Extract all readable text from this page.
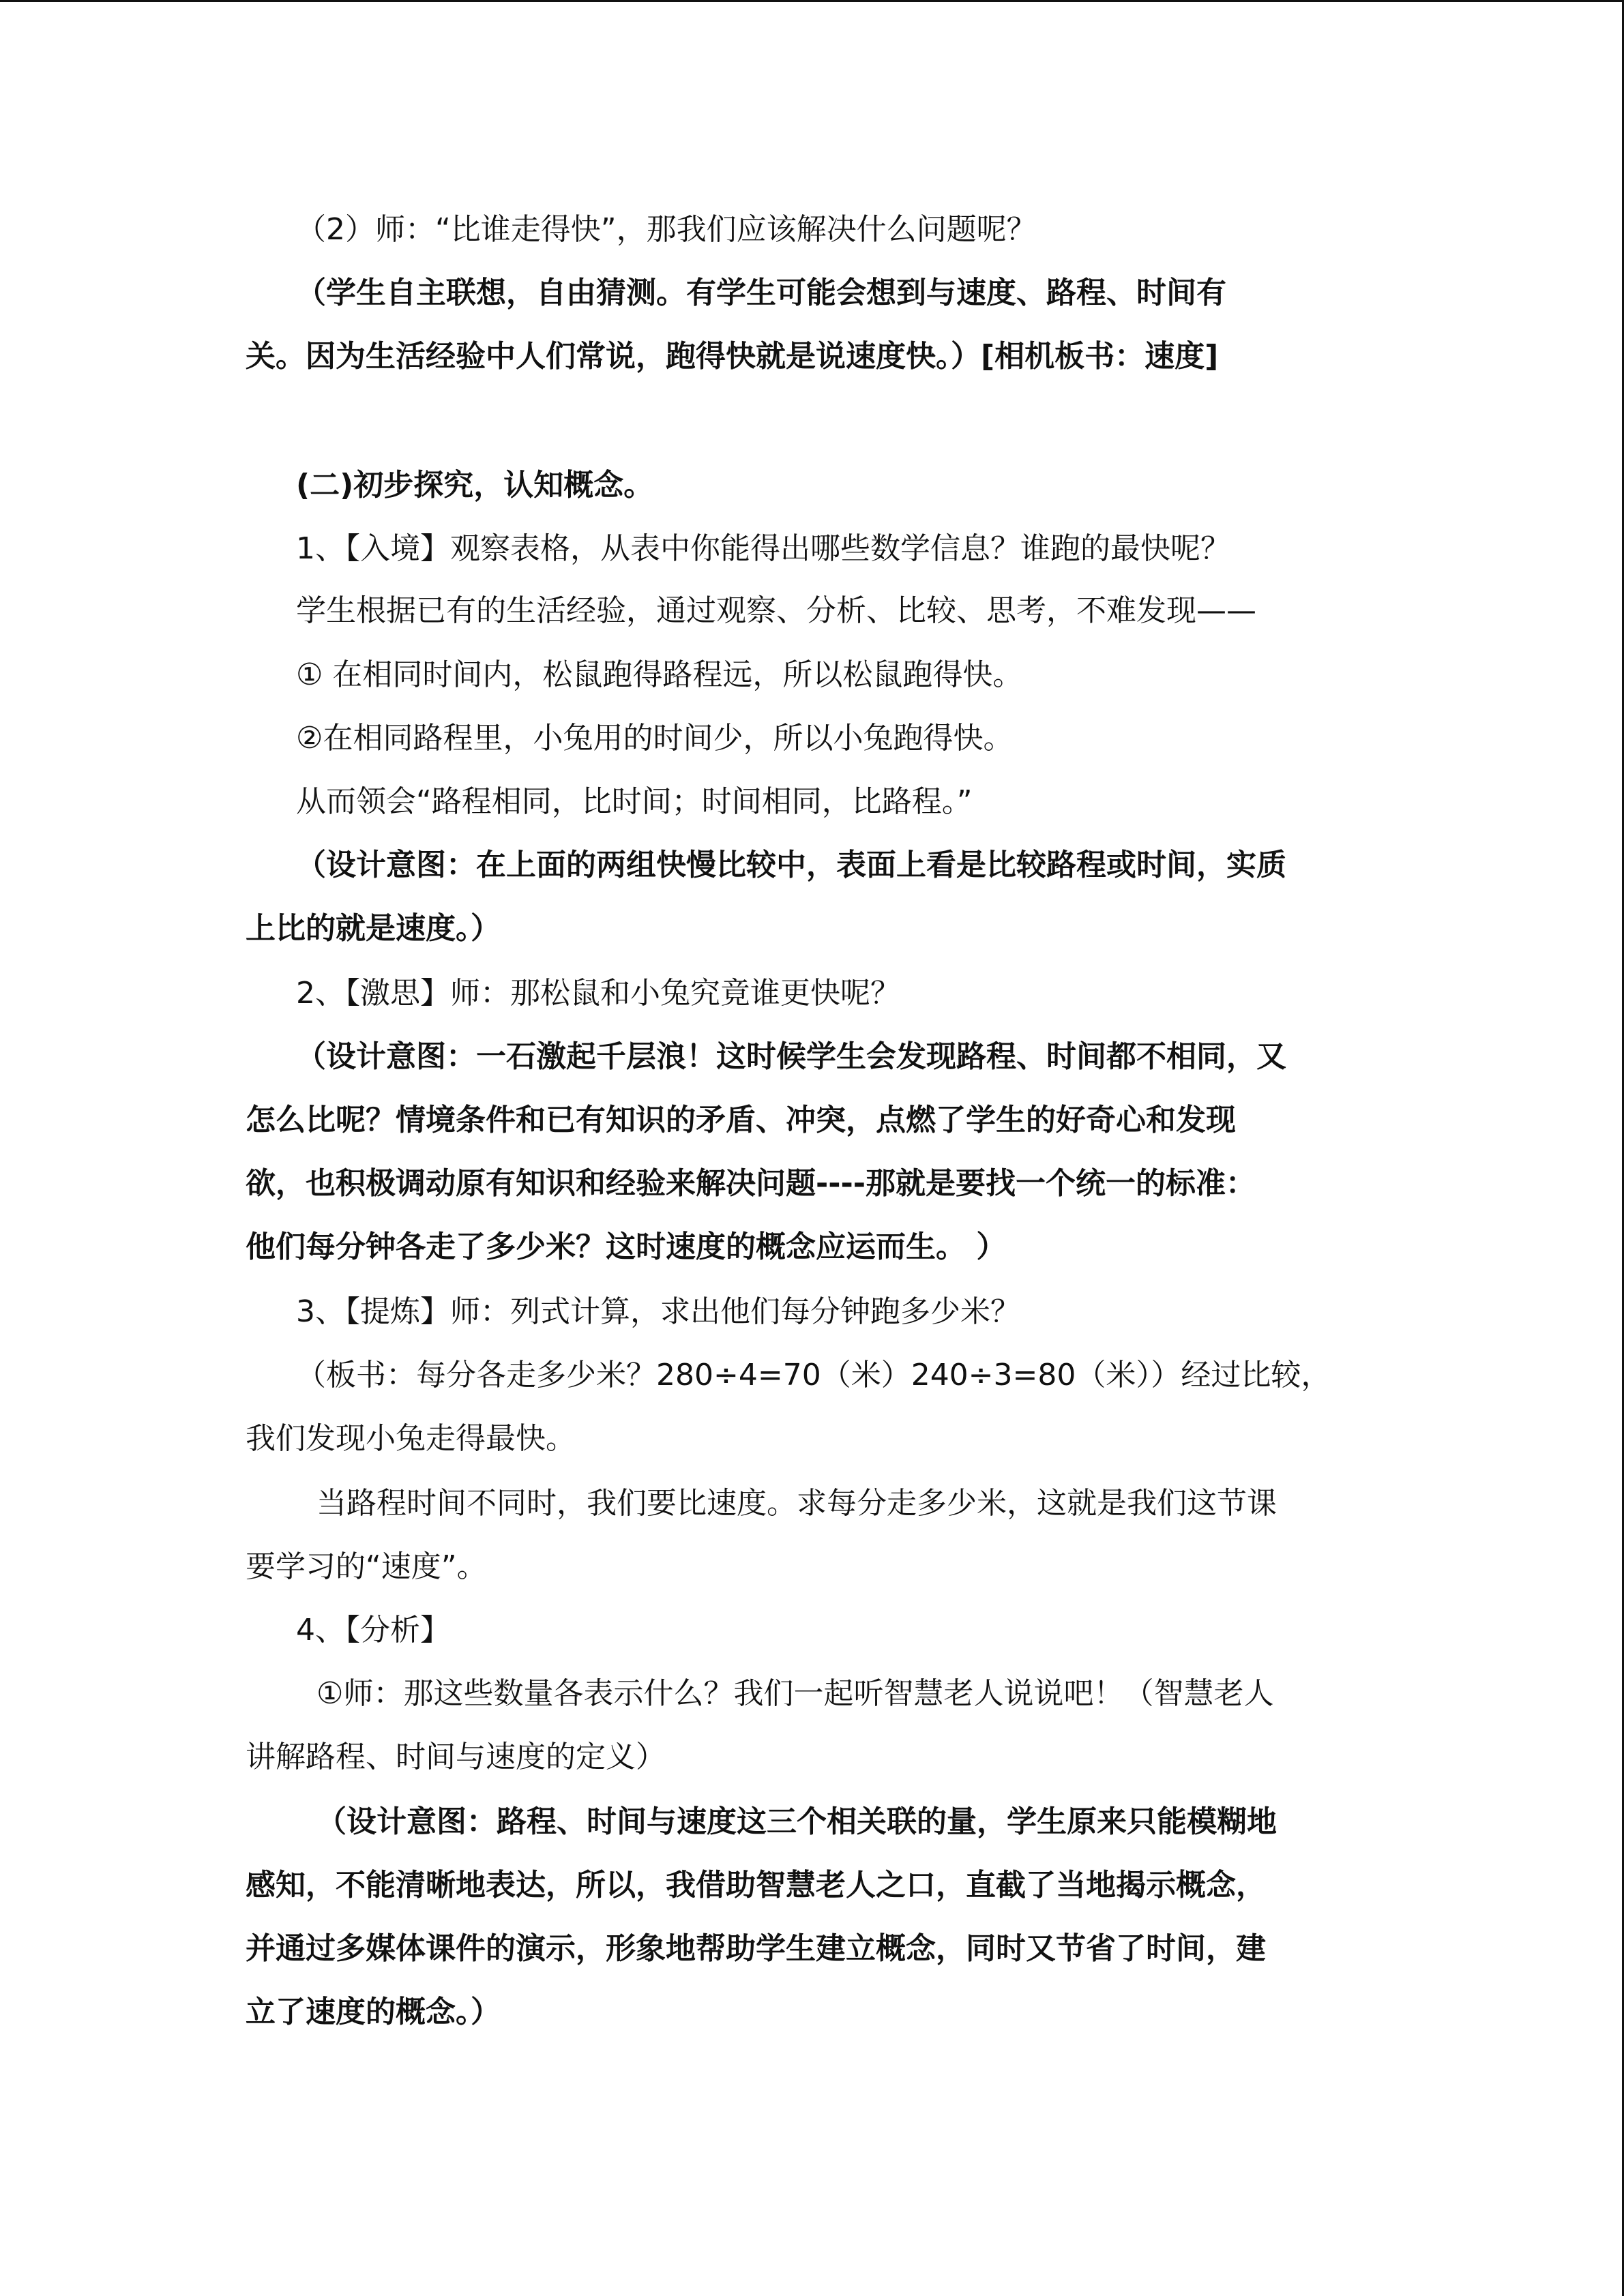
（2）师：“比谁走得快”，那我们应该解决什么问题呢？
（学生自主联想，自由猜测。有学生可能会想到与速度、路程、时间有
关。因为生活经验中人们常说，跑得快就是说速度快。）[相机板书：速度]
(二)初步探究，认知概念。
1、【入境】观察表格，从表中你能得出哪些数学信息？谁跑的最快呢？
学生根据已有的生活经验，通过观察、分析、比较、思考，不难发现——
① 在相同时间内，松鼠跑得路程远，所以松鼠跑得快。
②在相同路程里，小兔用的时间少，所以小兔跑得快。
从而领会“路程相同，比时间；时间相同，比路程。”
（设计意图：在上面的两组快慢比较中，表面上看是比较路程或时间，实质
上比的就是速度。）
2、【激思】师：那松鼠和小兔究竟谁更快呢？
（设计意图：一石激起千层浪！这时候学生会发现路程、时间都不相同，又
怎么比呢？情境条件和已有知识的矛盾、冲突，点燃了学生的好奇心和发现
欲，也积极调动原有知识和经验来解决问题----那就是要找一个统一的标准：
他们每分钟各走了多少米？这时速度的概念应运而生。 ）
3、【提炼】师：列式计算，求出他们每分钟跑多少米？
（板书：每分各走多少米？280÷4=70（米）240÷3=80（米））经过比较，
我们发现小兔走得最快。
当路程时间不同时，我们要比速度。求每分走多少米，这就是我们这节课
要学习的“速度”。
4、【分析】
①师：那这些数量各表示什么？我们一起听智慧老人说说吧！（智慧老人
讲解路程、时间与速度的定义）
（设计意图：路程、时间与速度这三个相关联的量，学生原来只能模糊地
感知，不能清晰地表达，所以，我借助智慧老人之口，直截了当地揭示概念，
并通过多媒体课件的演示，形象地帮助学生建立概念，同时又节省了时间，建
立了速度的概念。）
